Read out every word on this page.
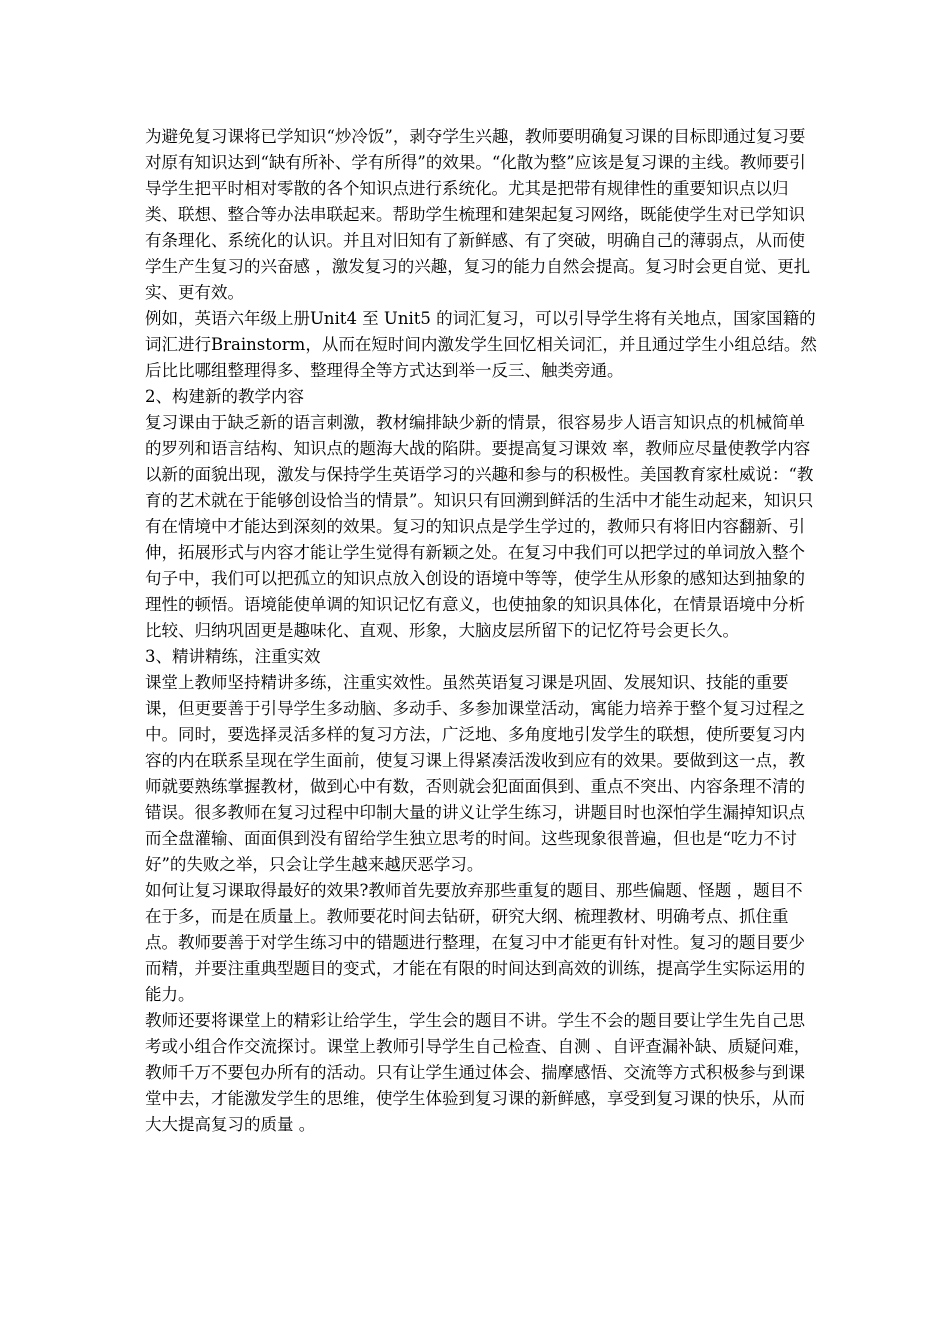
为避免复习课将已学知识“炒冷饭”，剥夺学生兴趣，教师要明确复习课的目标即通过复习要对原有知识达到“缺有所补、学有所得”的效果。“化散为整”应该是复习课的主线。教师要引导学生把平时相对零散的各个知识点进行系统化。尤其是把带有规律性的重要知识点以归类、联想、整合等办法串联起来。帮助学生梳理和建架起复习网络，既能使学生对已学知识有条理化、系统化的认识。并且对旧知有了新鲜感、有了突破，明确自己的薄弱点，从而使学生产生复习的兴奋感 ，激发复习的兴趣，复习的能力自然会提高。复习时会更自觉、更扎实、更有效。

例如，英语六年级上册Unit4 至 Unit5 的词汇复习，可以引导学生将有关地点，国家国籍的词汇进行Brainstorm，从而在短时间内激发学生回忆相关词汇，并且通过学生小组总结。然后比比哪组整理得多、整理得全等方式达到举一反三、触类旁通。

2、构建新的教学内容

复习课由于缺乏新的语言刺激，教材编排缺少新的情景，很容易步人语言知识点的机械简单的罗列和语言结构、知识点的题海大战的陷阱。要提高复习课效 率，教师应尽量使教学内容以新的面貌出现，激发与保持学生英语学习的兴趣和参与的积极性。美国教育家杜威说：“教育的艺术就在于能够创设恰当的情景”。知识只有回溯到鲜活的生活中才能生动起来，知识只有在情境中才能达到深刻的效果。复习的知识点是学生学过的，教师只有将旧内容翻新、引伸，拓展形式与内容才能让学生觉得有新颖之处。在复习中我们可以把学过的单词放入整个句子中，我们可以把孤立的知识点放入创设的语境中等等，使学生从形象的感知达到抽象的理性的顿悟。语境能使单调的知识记忆有意义，也使抽象的知识具体化，在情景语境中分析比较、归纳巩固更是趣味化、直观、形象，大脑皮层所留下的记忆符号会更长久。

3、精讲精练，注重实效

课堂上教师坚持精讲多练，注重实效性。虽然英语复习课是巩固、发展知识、技能的重要课，但更要善于引导学生多动脑、多动手、多参加课堂活动，寓能力培养于整个复习过程之中。同时，要选择灵活多样的复习方法，广泛地、多角度地引发学生的联想，使所要复习内容的内在联系呈现在学生面前，使复习课上得紧凑活泼收到应有的效果。要做到这一点，教师就要熟练掌握教材，做到心中有数，否则就会犯面面俱到、重点不突出、内容条理不清的错误。很多教师在复习过程中印制大量的讲义让学生练习，讲题目时也深怕学生漏掉知识点而全盘灌输、面面俱到没有留给学生独立思考的时间。这些现象很普遍，但也是“吃力不讨好”的失败之举，只会让学生越来越厌恶学习。

如何让复习课取得最好的效果?教师首先要放弃那些重复的题目、那些偏题、怪题 ，题目不在于多，而是在质量上。教师要花时间去钻研，研究大纲、梳理教材、明确考点、抓住重点。教师要善于对学生练习中的错题进行整理，在复习中才能更有针对性。复习的题目要少而精，并要注重典型题目的变式，才能在有限的时间达到高效的训练，提高学生实际运用的能力。

教师还要将课堂上的精彩让给学生，学生会的题目不讲。学生不会的题目要让学生先自己思考或小组合作交流探讨。课堂上教师引导学生自己检查、自测 、自评查漏补缺、质疑问难，教师千万不要包办所有的活动。只有让学生通过体会、揣摩感悟、交流等方式积极参与到课堂中去，才能激发学生的思维，使学生体验到复习课的新鲜感，享受到复习课的快乐，从而大大提高复习的质量 。
